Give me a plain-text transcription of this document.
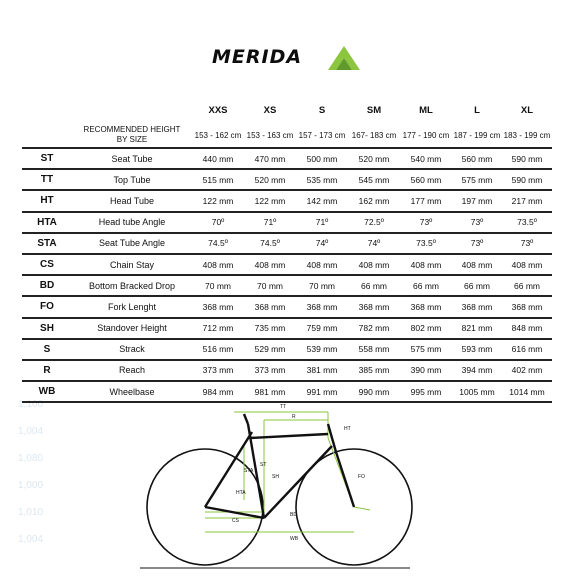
MERIDA
1,100
1,004
1,080
1,000
1,010
1,004
		XXS	XS	S	SM	ML	L	XL
	RECOMMENDED HEIGHT
BY SIZE	153 - 162 cm	153 - 163 cm	157 - 173 cm	167- 183 cm	177 - 190 cm	187 - 199 cm	183 - 199 cm
ST	Seat Tube	440 mm	470 mm	500 mm	520 mm	540 mm	560 mm	590 mm
TT	Top Tube	515 mm	520 mm	535 mm	545 mm	560 mm	575 mm	590 mm
HT	Head Tube	122 mm	122 mm	142 mm	162 mm	177 mm	197 mm	217 mm
HTA	Head tube Angle	70º	71º	71º	72.5º	73º	73º	73.5º
STA	Seat Tube Angle	74.5º	74.5º	74º	74º	73.5º	73º	73º
CS	Chain Stay	408 mm	408 mm	408 mm	408 mm	408 mm	408 mm	408 mm
BD	Bottom Bracked Drop	70 mm	70 mm	70 mm	66 mm	66 mm	66 mm	66 mm
FO	Fork Lenght	368 mm	368 mm	368 mm	368 mm	368 mm	368 mm	368 mm
SH	Standover Height	712 mm	735 mm	759 mm	782 mm	802 mm	821 mm	848 mm
S	Strack	516 mm	529 mm	539 mm	558 mm	575 mm	593 mm	616 mm
R	Reach	373 mm	373 mm	381 mm	385 mm	390 mm	394 mm	402 mm
WB	Wheelbase	984 mm	981 mm	991 mm	990 mm	995 mm	1005 mm	1014 mm
TT
R
HT
ST
SH
STA
HTA
FO
CS
BD
WB
